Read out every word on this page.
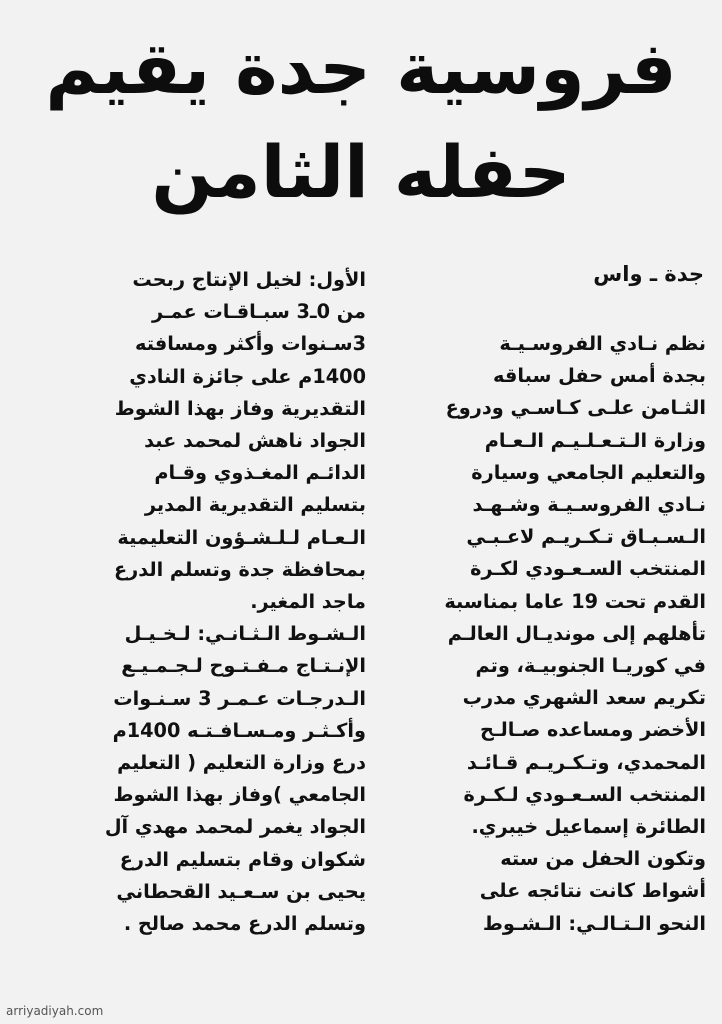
فروسية جدة يقيم
حفله الثامن
جدة ـ واس
نظم نـادي الفروسـيـة
بجدة أمس حفل سباقه
الثـامن علـى كـاسـي ودروع
وزارة الـتـعـلـيـم الـعـام
والتعليم الجامعي وسيارة
نـادي الفروسـيـة وشـهـد
الـسـبـاق تـكـريـم لاعـبـي
المنتخب السـعـودي لكـرة
القدم تحت 19 عاما بمناسبة
تأهلهم إلى مونديـال العالـم
في كوريـا الجنوبيـة، وتم
تكريم سعد الشهري مدرب
الأخضر ومساعده صـالـح
المحمدي، وتـكـريـم قـائـد
المنتخب السـعـودي لـكـرة
الطائرة إسماعيل خيبري.
وتكون الحفل من سته
أشواط كانت نتائجه على
النحو الـتـالـي: الـشـوط
الأول: لخيل الإنتاج ربحت
من 0ـ3 سبـاقـات عمـر
3سـنوات وأكثر ومسافته
1400م على جائزة النادي
التقديرية وفاز بهذا الشوط
الجواد ناهش لمحمد عبد
الدائـم المغـذوي وقـام
بتسليم التقديرية المدير
الـعـام لـلـشـؤون التعليمية
بمحافظة جدة وتسلم الدرع
ماجد المغير.
الـشـوط الـثـانـي: لـخـيـل
الإنـتـاج مـفـتـوح لـجـمـيـع
الـدرجـات عـمـر 3 سـنـوات
وأكـثـر ومـسـافـتـه 1400م
درع وزارة التعليم ( التعليم
الجامعي )وفاز بهذا الشوط
الجواد يغمر لمحمد مهدي آل
شكوان وقام بتسليم الدرع
يحيى بن سـعـيد القحطاني
وتسلم الدرع محمد صالح .
arriyadiyah.com
